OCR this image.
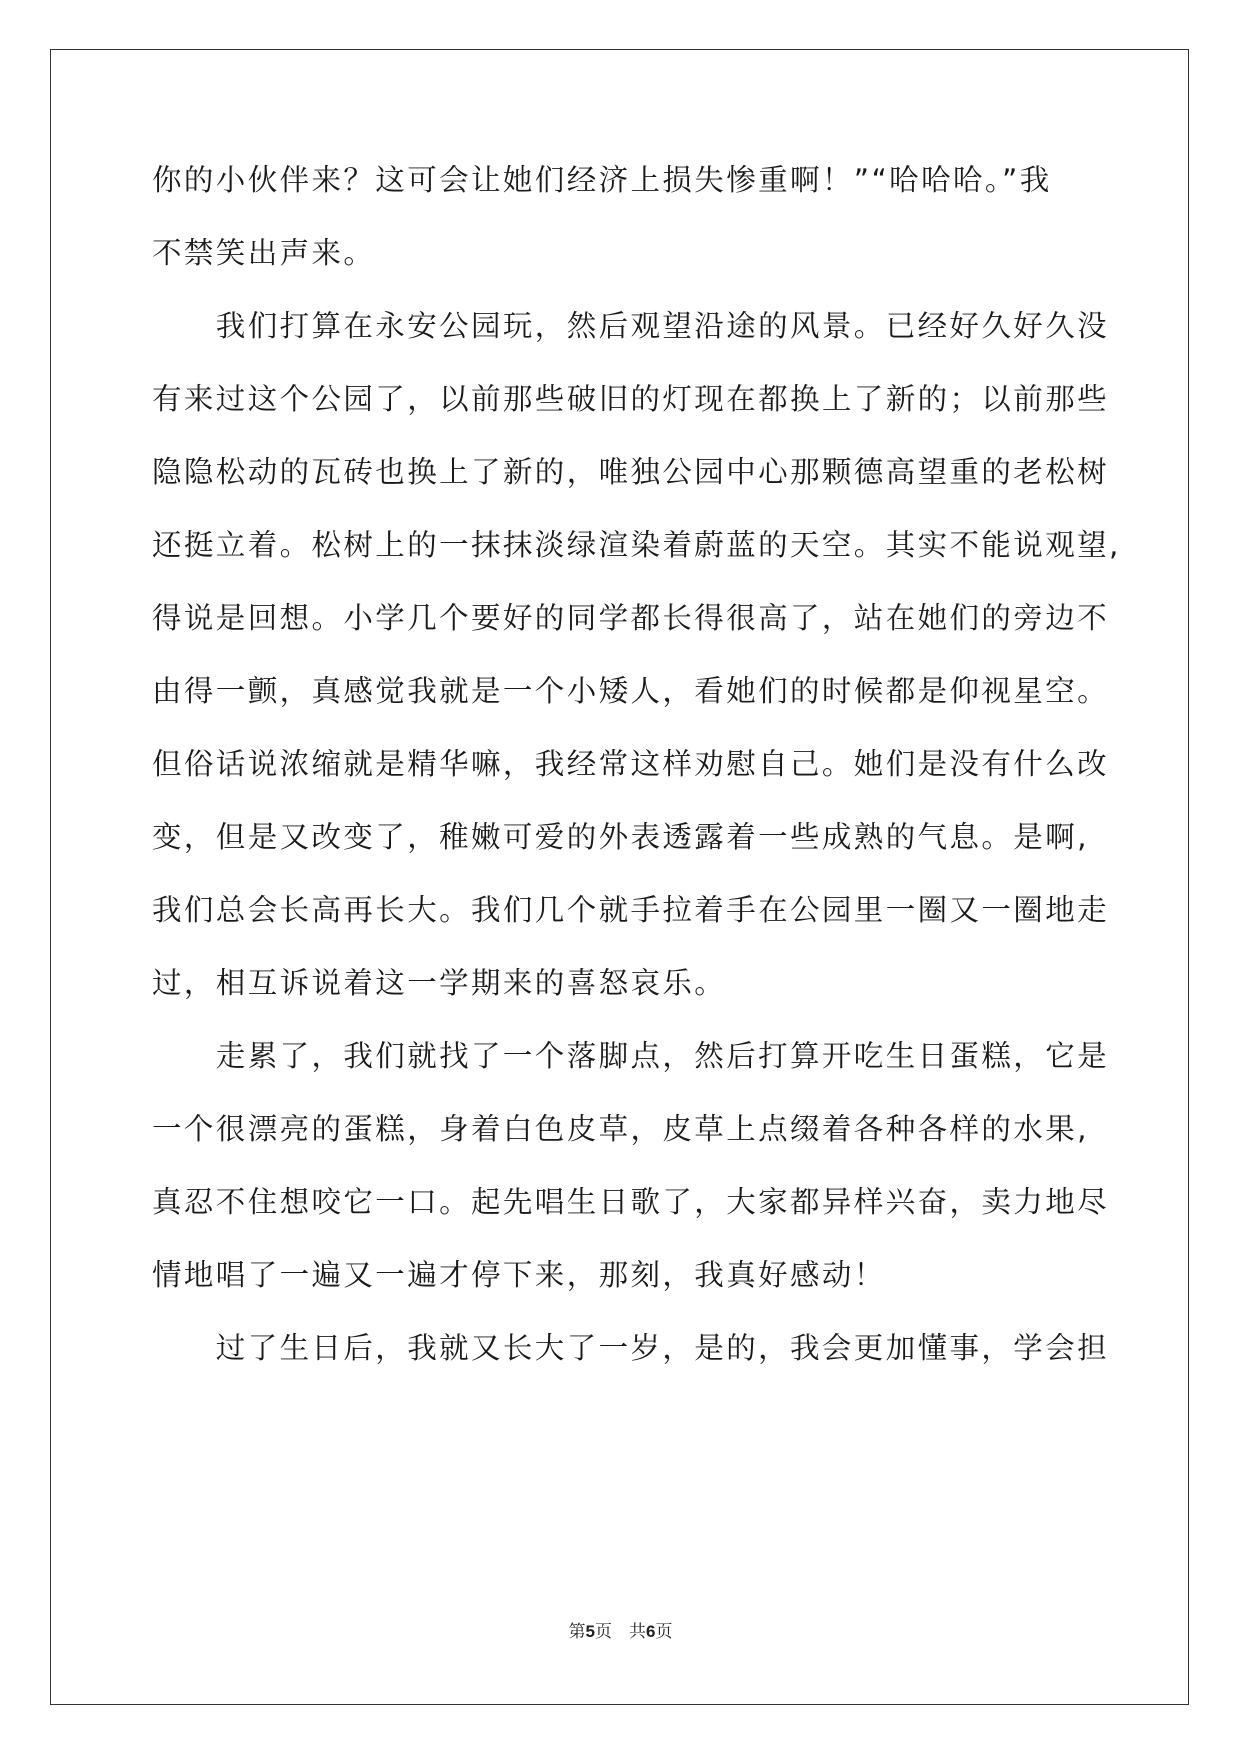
你的小伙伴来？这可会让她们经济上损失惨重啊！”“哈哈哈。”我
不禁笑出声来。
　　我们打算在永安公园玩，然后观望沿途的风景。已经好久好久没
有来过这个公园了，以前那些破旧的灯现在都换上了新的；以前那些
隐隐松动的瓦砖也换上了新的，唯独公园中心那颗德高望重的老松树
还挺立着。松树上的一抹抹淡绿渲染着蔚蓝的天空。其实不能说观望,
得说是回想。小学几个要好的同学都长得很高了，站在她们的旁边不
由得一颤，真感觉我就是一个小矮人，看她们的时候都是仰视星空。
但俗话说浓缩就是精华嘛，我经常这样劝慰自己。她们是没有什么改
变，但是又改变了，稚嫩可爱的外表透露着一些成熟的气息。是啊,
我们总会长高再长大。我们几个就手拉着手在公园里一圈又一圈地走
过，相互诉说着这一学期来的喜怒哀乐。
　　走累了，我们就找了一个落脚点，然后打算开吃生日蛋糕，它是
一个很漂亮的蛋糕，身着白色皮草，皮草上点缀着各种各样的水果,
真忍不住想咬它一口。起先唱生日歌了，大家都异样兴奋，卖力地尽
情地唱了一遍又一遍才停下来，那刻，我真好感动！
　　过了生日后，我就又长大了一岁，是的，我会更加懂事，学会担
第5页　共6页
